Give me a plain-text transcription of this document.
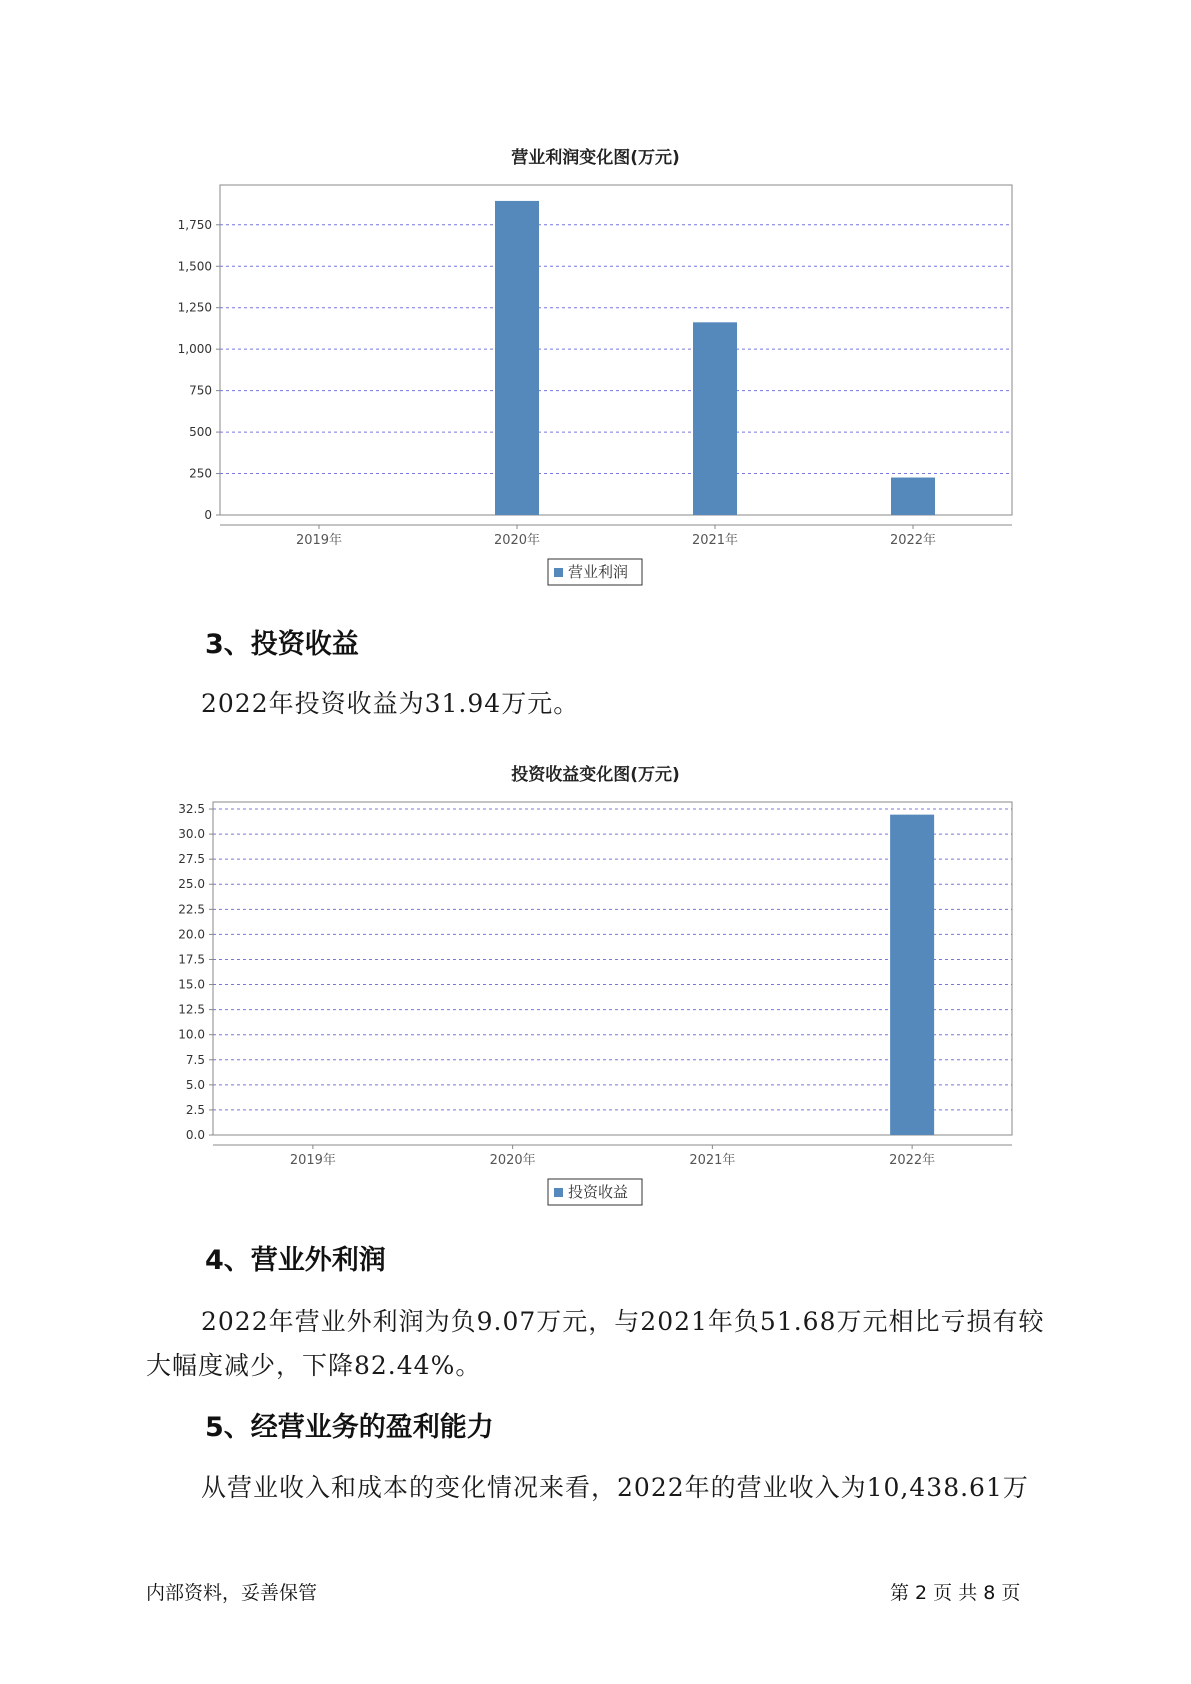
营业利润变化图(万元)
0
250
500
750
1,000
1,250
1,500
1,750
2019年	2020年	2021年	2022年
营业利润
3、投资收益
2022年投资收益为31.94万元。
投资收益变化图(万元)
0.0
2.5
5.0
7.5
10.0
12.5
15.0
17.5
20.0
22.5
25.0
27.5
30.0
32.5
2019年	2020年	2021年	2022年
投资收益
4、营业外利润
2022年营业外利润为负9.07万元，与2021年负51.68万元相比亏损有较
大幅度减少，下降82.44%。
5、经营业务的盈利能力
从营业收入和成本的变化情况来看，2022年的营业收入为10,438.61万
内部资料，妥善保管	第 2 页 共 8 页
